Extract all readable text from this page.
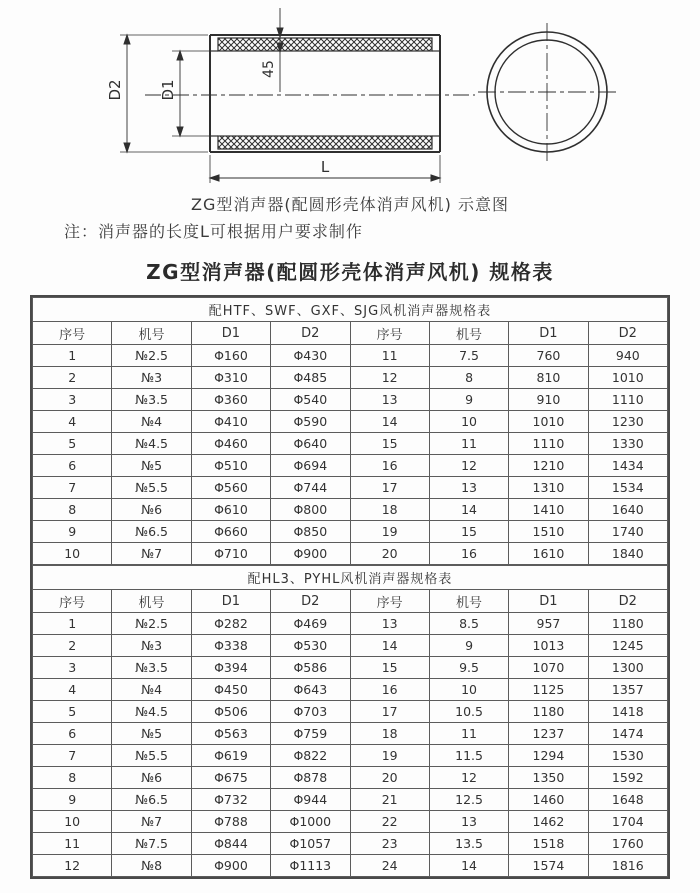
D2 D1
45
L
ZG型消声器(配圆形壳体消声风机) 示意图
注：消声器的长度L可根据用户要求制作
ZG型消声器(配圆形壳体消声风机) 规格表
配HTF、SWF、GXF、SJG风机消声器规格表							
序号	机号	D1	D2	序号	机号	D1	D2
1	№2.5	Φ160	Φ430	11	7.5	760	940
2	№3	Φ310	Φ485	12	8	810	1010
3	№3.5	Φ360	Φ540	13	9	910	1110
4	№4	Φ410	Φ590	14	10	1010	1230
5	№4.5	Φ460	Φ640	15	11	1110	1330
6	№5	Φ510	Φ694	16	12	1210	1434
7	№5.5	Φ560	Φ744	17	13	1310	1534
8	№6	Φ610	Φ800	18	14	1410	1640
9	№6.5	Φ660	Φ850	19	15	1510	1740
10	№7	Φ710	Φ900	20	16	1610	1840
配HL3、PYHL风机消声器规格表							
序号	机号	D1	D2	序号	机号	D1	D2
1	№2.5	Φ282	Φ469	13	8.5	957	1180
2	№3	Φ338	Φ530	14	9	1013	1245
3	№3.5	Φ394	Φ586	15	9.5	1070	1300
4	№4	Φ450	Φ643	16	10	1125	1357
5	№4.5	Φ506	Φ703	17	10.5	1180	1418
6	№5	Φ563	Φ759	18	11	1237	1474
7	№5.5	Φ619	Φ822	19	11.5	1294	1530
8	№6	Φ675	Φ878	20	12	1350	1592
9	№6.5	Φ732	Φ944	21	12.5	1460	1648
10	№7	Φ788	Φ1000	22	13	1462	1704
11	№7.5	Φ844	Φ1057	23	13.5	1518	1760
12	№8	Φ900	Φ1113	24	14	1574	1816
